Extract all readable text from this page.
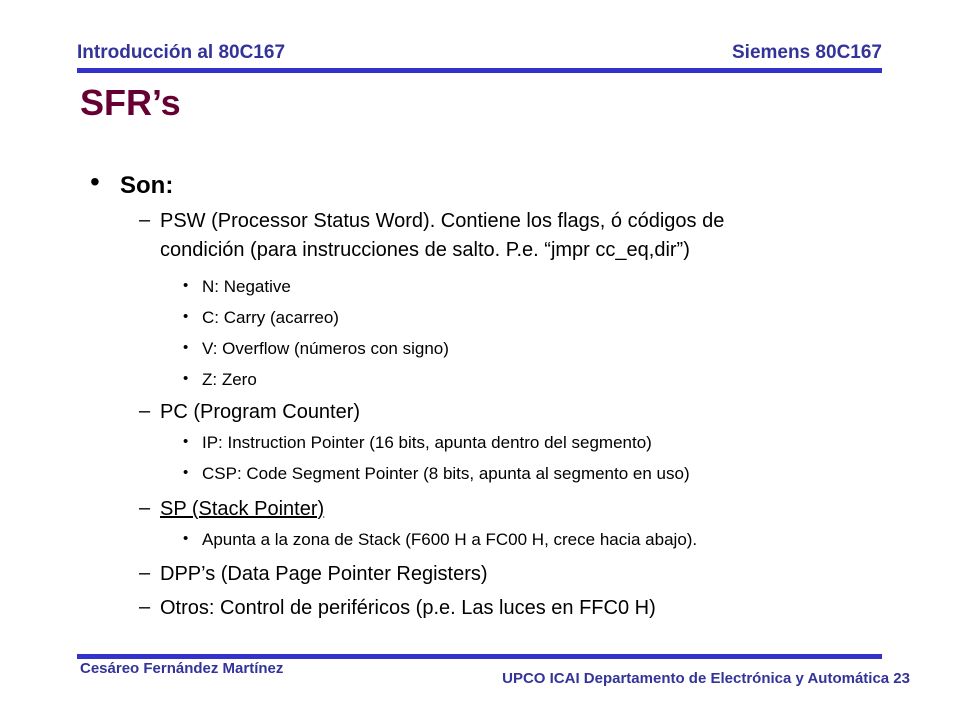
Introducción al 80C167	Siemens 80C167
SFR’s
• Son:
– PSW (Processor Status Word). Contiene los flags, ó códigos de
condición (para instrucciones de salto. P.e. “jmpr cc_eq,dir”)
• N: Negative
• C: Carry (acarreo)
• V: Overflow (números con signo)
• Z: Zero
– PC (Program Counter)
• IP: Instruction Pointer (16 bits, apunta dentro del segmento)
• CSP: Code Segment Pointer (8 bits, apunta al segmento en uso)
– SP (Stack Pointer)
• Apunta a la zona de Stack (F600 H a FC00 H, crece hacia abajo).
– DPP’s (Data Page Pointer Registers)
– Otros: Control de periféricos (p.e. Las luces en FFC0 H)
Cesáreo Fernández Martínez
UPCO ICAI Departamento de Electrónica y Automática 23
